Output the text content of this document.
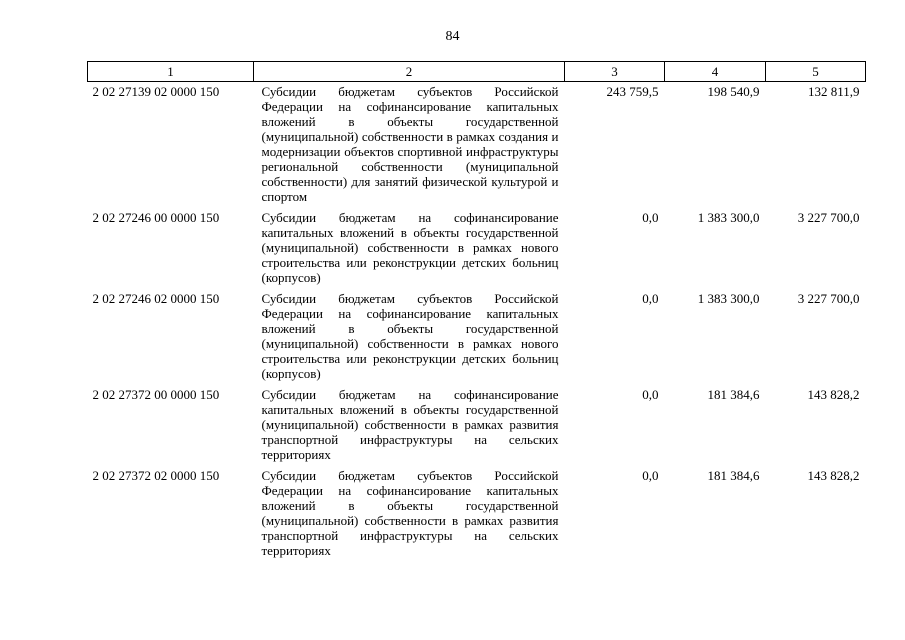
84
1	2	3	4	5
2 02 27139 02 0000 150	Субсидии бюджетам субъектов Российской Федерации на софинансирование капитальных вложений в объекты государственной (муниципальной) собственности в рамках создания и модернизации объектов спортивной инфраструктуры региональной собственности (муниципальной собственности) для занятий физической культурой и спортом	243 759,5	198 540,9	132 811,9
2 02 27246 00 0000 150	Субсидии бюджетам на софинансирование капитальных вложений в объекты государственной (муниципальной) собственности в рамках нового строительства или реконструкции детских больниц (корпусов)	0,0	1 383 300,0	3 227 700,0
2 02 27246 02 0000 150	Субсидии бюджетам субъектов Российской Федерации на софинансирование капитальных вложений в объекты государственной (муниципальной) собственности в рамках нового строительства или реконструкции детских больниц (корпусов)	0,0	1 383 300,0	3 227 700,0
2 02 27372 00 0000 150	Субсидии бюджетам на софинансирование капитальных вложений в объекты государственной (муниципальной) собственности в рамках развития транспортной инфраструктуры на сельских территориях	0,0	181 384,6	143 828,2
2 02 27372 02 0000 150	Субсидии бюджетам субъектов Российской Федерации на софинансирование капитальных вложений в объекты государственной (муниципальной) собственности в рамках развития транспортной инфраструктуры на сельских территориях	0,0	181 384,6	143 828,2
